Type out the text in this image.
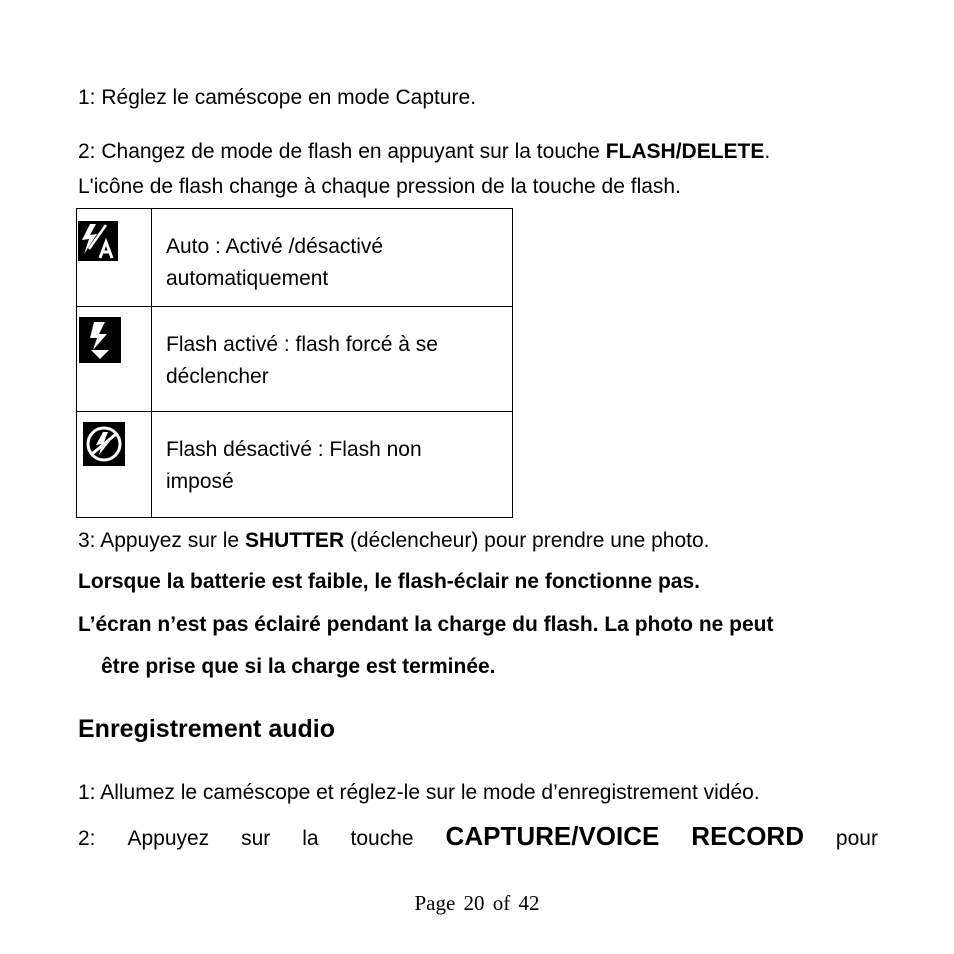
1: Réglez le caméscope en mode Capture.
2: Changez de mode de flash en appuyant sur la touche FLASH/DELETE.
L'icône de flash change à chaque pression de la touche de flash.

Auto : Activé /désactivé
automatiquement

Flash activé : flash forcé à se
déclencher

Flash désactivé : Flash non
imposé
3: Appuyez sur le SHUTTER (déclencheur) pour prendre une photo.
Lorsque la batterie est faible, le flash-éclair ne fonctionne pas.
L’écran n’est pas éclairé pendant la charge du flash. La photo ne peut
être prise que si la charge est terminée.
Enregistrement audio
1: Allumez le caméscope et réglez-le sur le mode d’enregistrement vidéo.
2: Appuyez sur la touche CAPTURE/VOICE RECORD pour
Page 20 of 42
